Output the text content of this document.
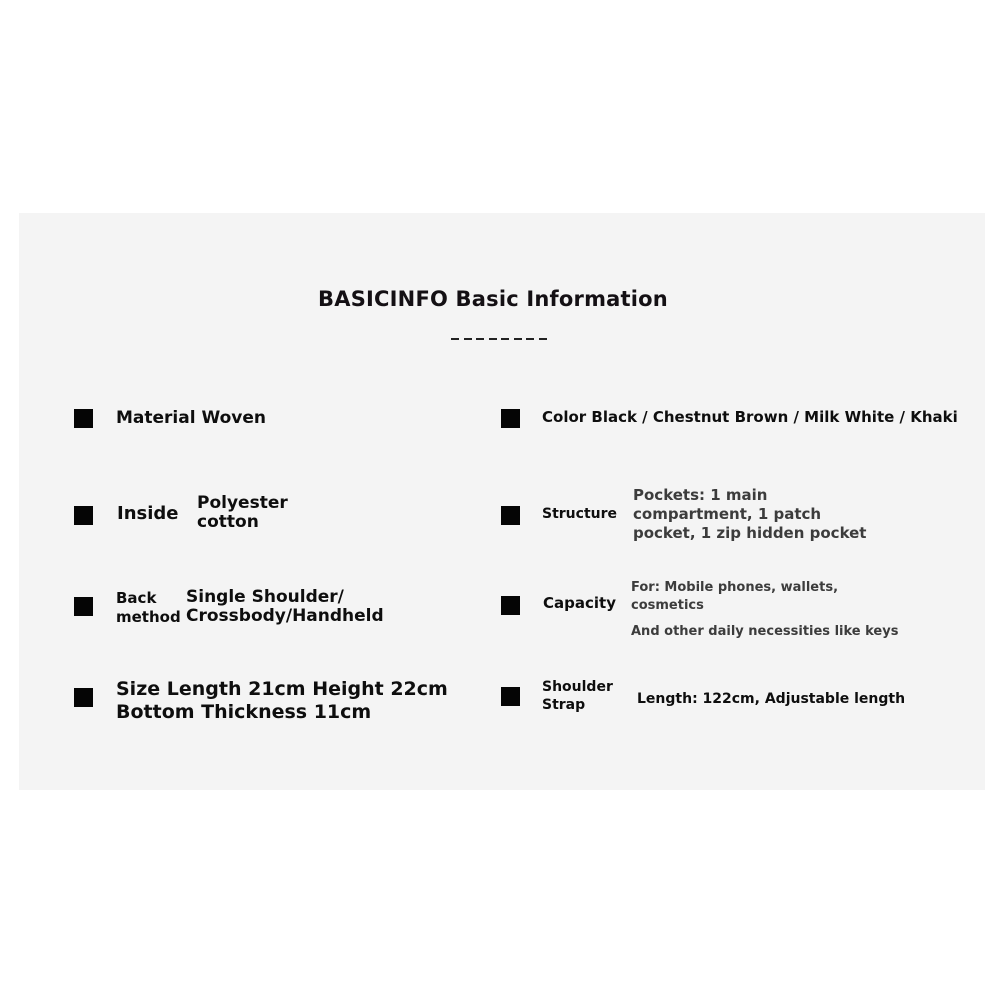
BASICINFO Basic Information
Material Woven
Inside Polyester
cotton
Back
method
Single Shoulder/
Crossbody/Handheld
Size Length 21cm Height 22cm
Bottom Thickness 11cm
Color Black / Chestnut Brown / Milk White / Khaki
Structure
Pockets: 1 main
compartment, 1 patch
pocket, 1 zip hidden pocket
Capacity
For: Mobile phones, wallets,
cosmetics
And other daily necessities like keys
Shoulder
Strap	Length: 122cm, Adjustable length
